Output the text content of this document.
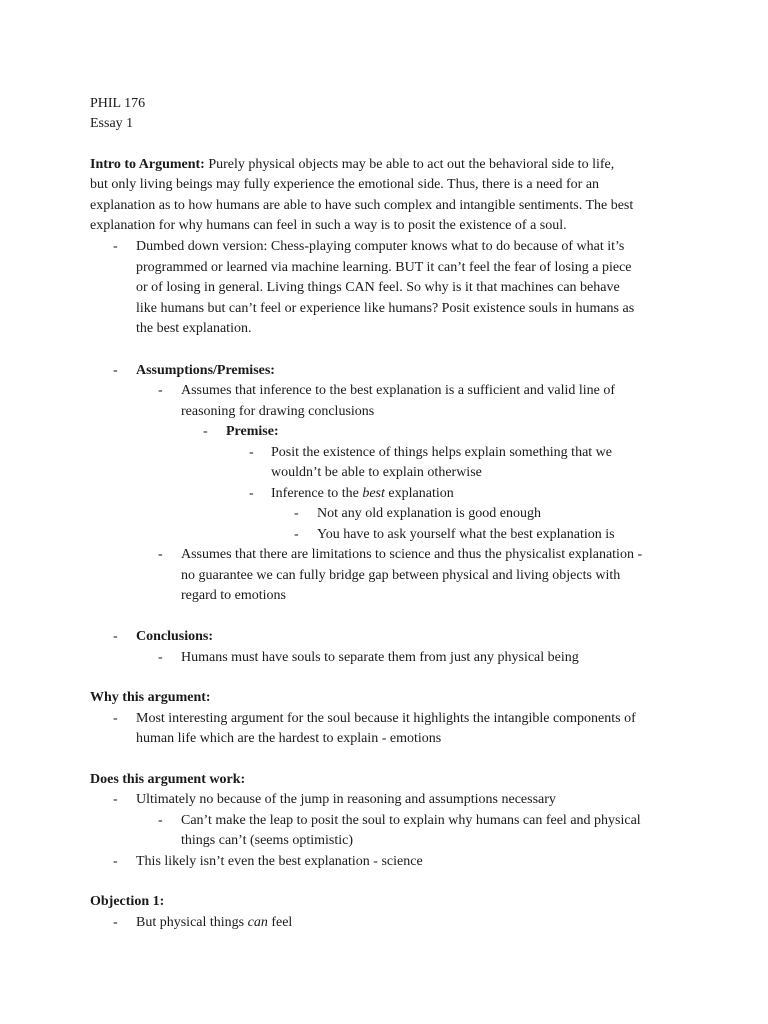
PHIL 176
Essay 1
Intro to Argument: Purely physical objects may be able to act out the behavioral side to life,
but only living beings may fully experience the emotional side. Thus, there is a need for an
explanation as to how humans are able to have such complex and intangible sentiments. The best
explanation for why humans can feel in such a way is to posit the existence of a soul.
- Dumbed down version: Chess-playing computer knows what to do because of what it’s
programmed or learned via machine learning. BUT it can’t feel the fear of losing a piece
or of losing in general. Living things CAN feel. So why is it that machines can behave
like humans but can’t feel or experience like humans? Posit existence souls in humans as
the best explanation.
- Assumptions/Premises:
- Assumes that inference to the best explanation is a sufficient and valid line of
reasoning for drawing conclusions
- Premise:
- Posit the existence of things helps explain something that we
wouldn’t be able to explain otherwise
- Inference to the best explanation
- Not any old explanation is good enough
- You have to ask yourself what the best explanation is
- Assumes that there are limitations to science and thus the physicalist explanation -
no guarantee we can fully bridge gap between physical and living objects with
regard to emotions
- Conclusions:
- Humans must have souls to separate them from just any physical being
Why this argument:
- Most interesting argument for the soul because it highlights the intangible components of
human life which are the hardest to explain - emotions
Does this argument work:
- Ultimately no because of the jump in reasoning and assumptions necessary
- Can’t make the leap to posit the soul to explain why humans can feel and physical
things can’t (seems optimistic)
- This likely isn’t even the best explanation - science
Objection 1:
- But physical things can feel
